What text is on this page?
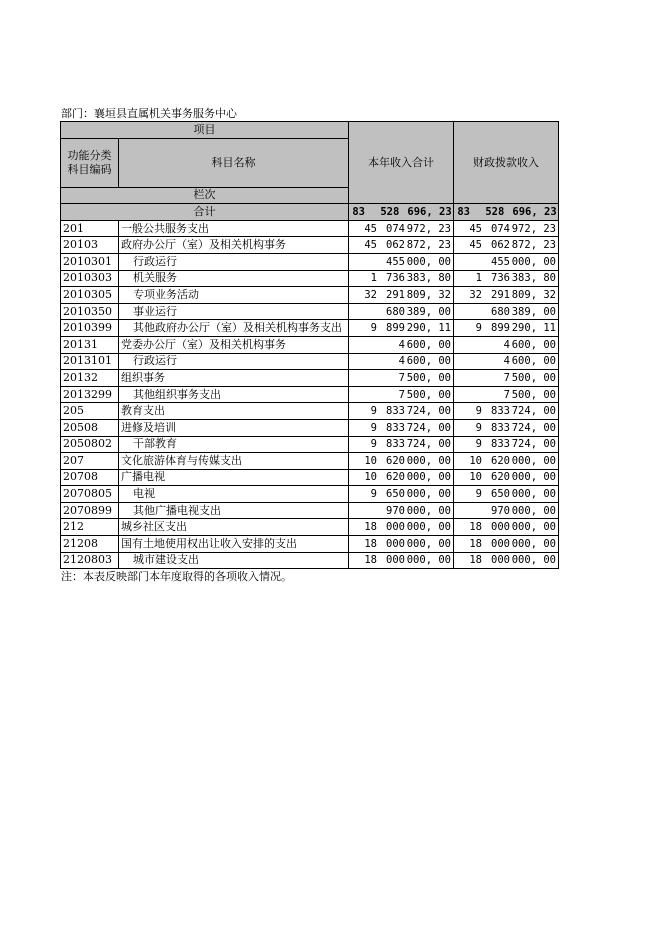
部门：襄垣县直属机关事务服务中心
项目		本年收入合计	财政拨款收入	
功能分类
科目编码	科目名称			
栏次		
合计		83 528 696, 23	83 528 696, 23	
201	一般公共服务支出	45 074 972, 23	45 074 972, 23	
20103	政府办公厅（室）及相关机构事务	45 062 872, 23	45 062 872, 23	
2010301	行政运行	455 000, 00	455 000, 00	
2010303	机关服务	1 736 383, 80	1 736 383, 80	
2010305	专项业务活动	32 291 809, 32	32 291 809, 32	
2010350	事业运行	680 389, 00	680 389, 00	
2010399	其他政府办公厅（室）及相关机构事务支出	9 899 290, 11	9 899 290, 11	
20131	党委办公厅（室）及相关机构事务	4 600, 00	4 600, 00	
2013101	行政运行	4 600, 00	4 600, 00	
20132	组织事务	7 500, 00	7 500, 00	
2013299	其他组织事务支出	7 500, 00	7 500, 00	
205	教育支出	9 833 724, 00	9 833 724, 00	
20508	进修及培训	9 833 724, 00	9 833 724, 00	
2050802	干部教育	9 833 724, 00	9 833 724, 00	
207	文化旅游体育与传媒支出	10 620 000, 00	10 620 000, 00	
20708	广播电视	10 620 000, 00	10 620 000, 00	
2070805	电视	9 650 000, 00	9 650 000, 00	
2070899	其他广播电视支出	970 000, 00	970 000, 00	
212	城乡社区支出	18 000 000, 00	18 000 000, 00	
21208	国有土地使用权出让收入安排的支出	18 000 000, 00	18 000 000, 00	
2120803	城市建设支出	18 000 000, 00	18 000 000, 00	
注：本表反映部门本年度取得的各项收入情况。
